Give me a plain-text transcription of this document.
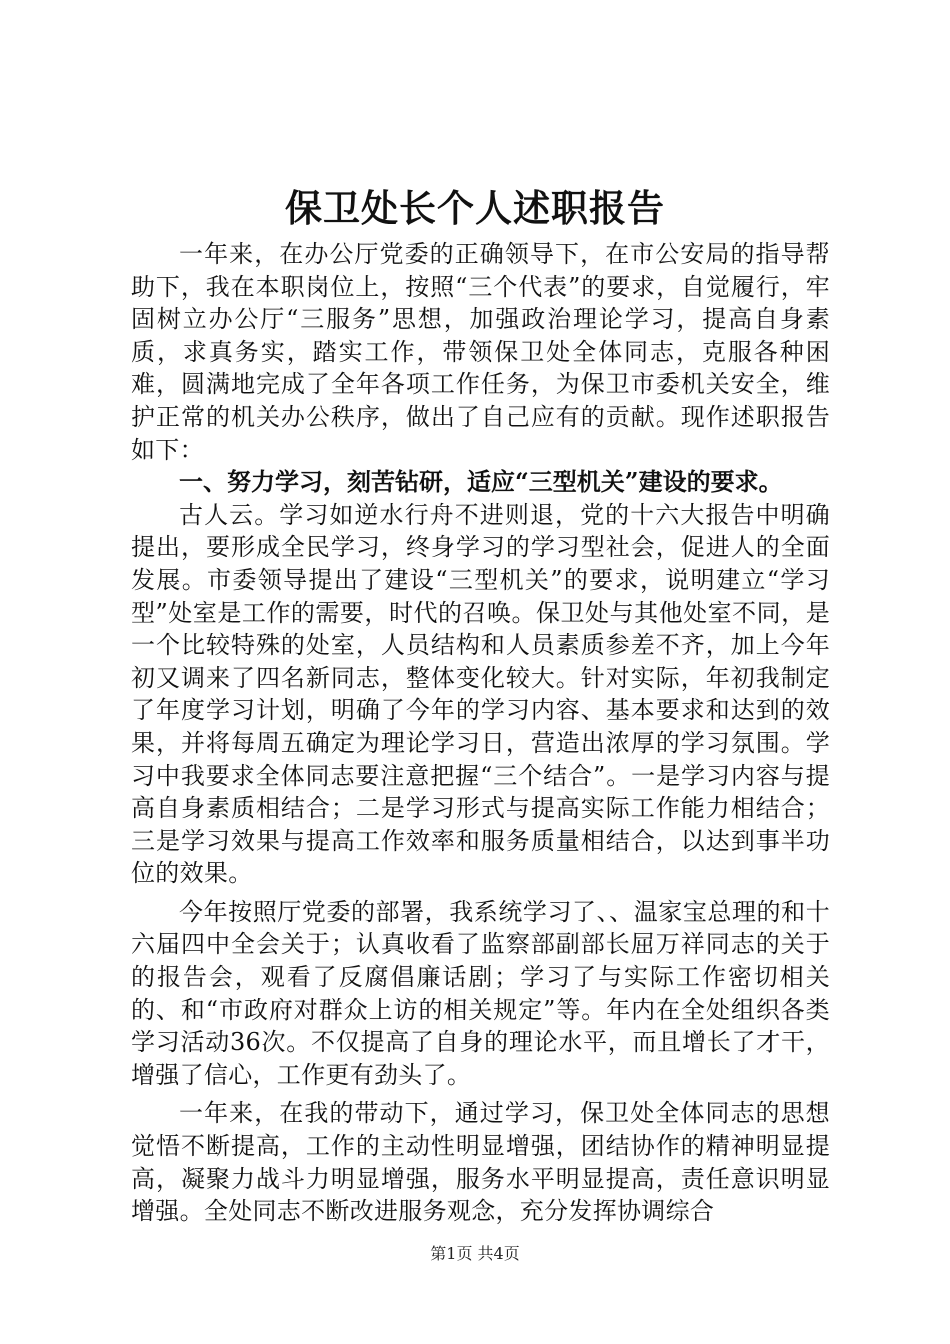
保卫处长个人述职报告

一年来，在办公厅党委的正确领导下，在市公安局的指导帮助下，我在本职岗位上，按照“三个代表”的要求，自觉履行，牢固树立办公厅“三服务”思想，加强政治理论学习，提高自身素质，求真务实，踏实工作，带领保卫处全体同志，克服各种困难，圆满地完成了全年各项工作任务，为保卫市委机关安全，维护正常的机关办公秩序，做出了自己应有的贡献。现作述职报告如下：

一、努力学习，刻苦钻研，适应“三型机关”建设的要求。

古人云。学习如逆水行舟不进则退，党的十六大报告中明确提出，要形成全民学习，终身学习的学习型社会，促进人的全面发展。市委领导提出了建设“三型机关”的要求，说明建立“学习型”处室是工作的需要，时代的召唤。保卫处与其他处室不同，是一个比较特殊的处室，人员结构和人员素质参差不齐，加上今年初又调来了四名新同志，整体变化较大。针对实际，年初我制定了年度学习计划，明确了今年的学习内容、基本要求和达到的效果，并将每周五确定为理论学习日，营造出浓厚的学习氛围。学习中我要求全体同志要注意把握“三个结合”。一是学习内容与提高自身素质相结合；二是学习形式与提高实际工作能力相结合；三是学习效果与提高工作效率和服务质量相结合，以达到事半功位的效果。

今年按照厅党委的部署，我系统学习了、、温家宝总理的和十六届四中全会关于；认真收看了监察部副部长屈万祥同志的关于的报告会，观看了反腐倡廉话剧；学习了与实际工作密切相关的、和“市政府对群众上访的相关规定”等。年内在全处组织各类学习活动36次。不仅提高了自身的理论水平，而且增长了才干，增强了信心，工作更有劲头了。

一年来，在我的带动下，通过学习，保卫处全体同志的思想觉悟不断提高，工作的主动性明显增强，团结协作的精神明显提高，凝聚力战斗力明显增强，服务水平明显提高，责任意识明显增强。全处同志不断改进服务观念，充分发挥协调综合

第1页 共4页
